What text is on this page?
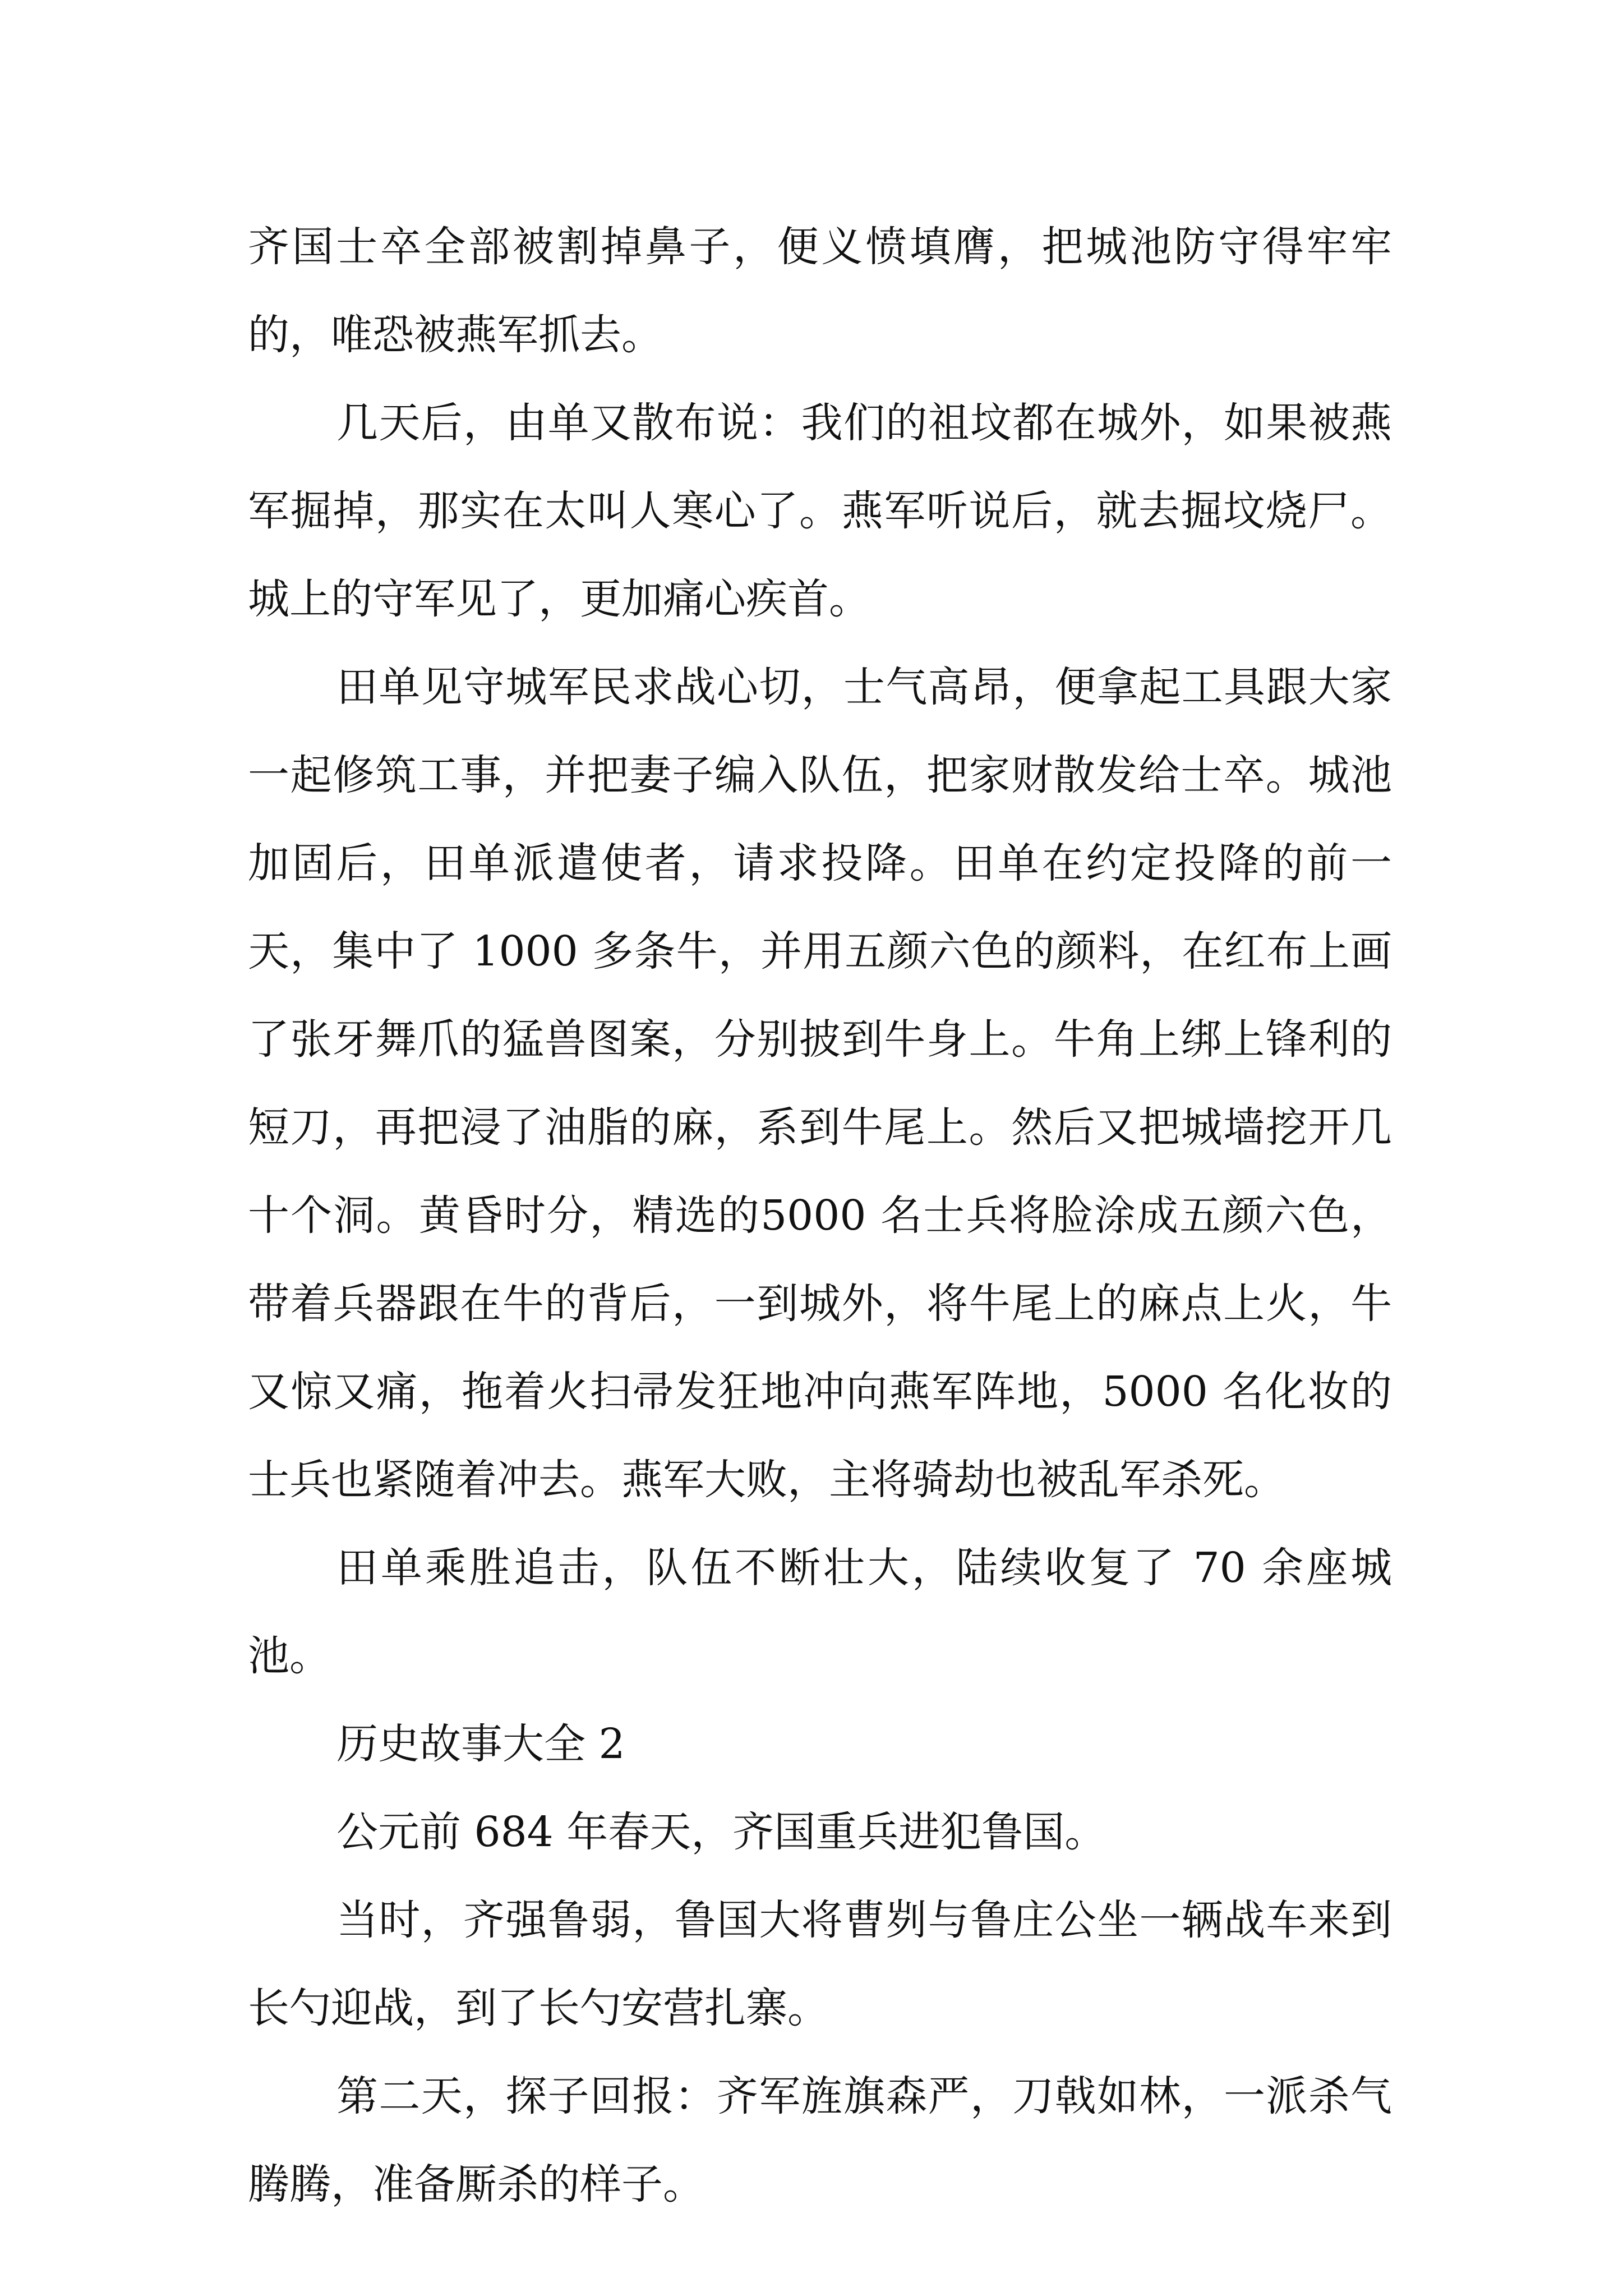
齐国士卒全部被割掉鼻子，便义愤填膺，把城池防守得牢牢的，唯恐被燕军抓去。

几天后，由单又散布说：我们的祖坟都在城外，如果被燕军掘掉，那实在太叫人寒心了。燕军听说后，就去掘坟烧尸。城上的守军见了，更加痛心疾首。

田单见守城军民求战心切，士气高昂，便拿起工具跟大家一起修筑工事，并把妻子编入队伍，把家财散发给士卒。城池加固后，田单派遣使者，请求投降。田单在约定投降的前一天，集中了 1000 多条牛，并用五颜六色的颜料，在红布上画了张牙舞爪的猛兽图案，分别披到牛身上。牛角上绑上锋利的短刀，再把浸了油脂的麻，系到牛尾上。然后又把城墙挖开几十个洞。黄昏时分，精选的5000 名士兵将脸涂成五颜六色，带着兵器跟在牛的背后，一到城外，将牛尾上的麻点上火，牛又惊又痛，拖着火扫帚发狂地冲向燕军阵地，5000 名化妆的士兵也紧随着冲去。燕军大败，主将骑劫也被乱军杀死。

田单乘胜追击，队伍不断壮大，陆续收复了 70 余座城池。

历史故事大全 2

公元前 684 年春天，齐国重兵进犯鲁国。

当时，齐强鲁弱，鲁国大将曹刿与鲁庄公坐一辆战车来到长勺迎战，到了长勺安营扎寨。

第二天，探子回报：齐军旌旗森严，刀戟如林，一派杀气腾腾，准备厮杀的样子。
